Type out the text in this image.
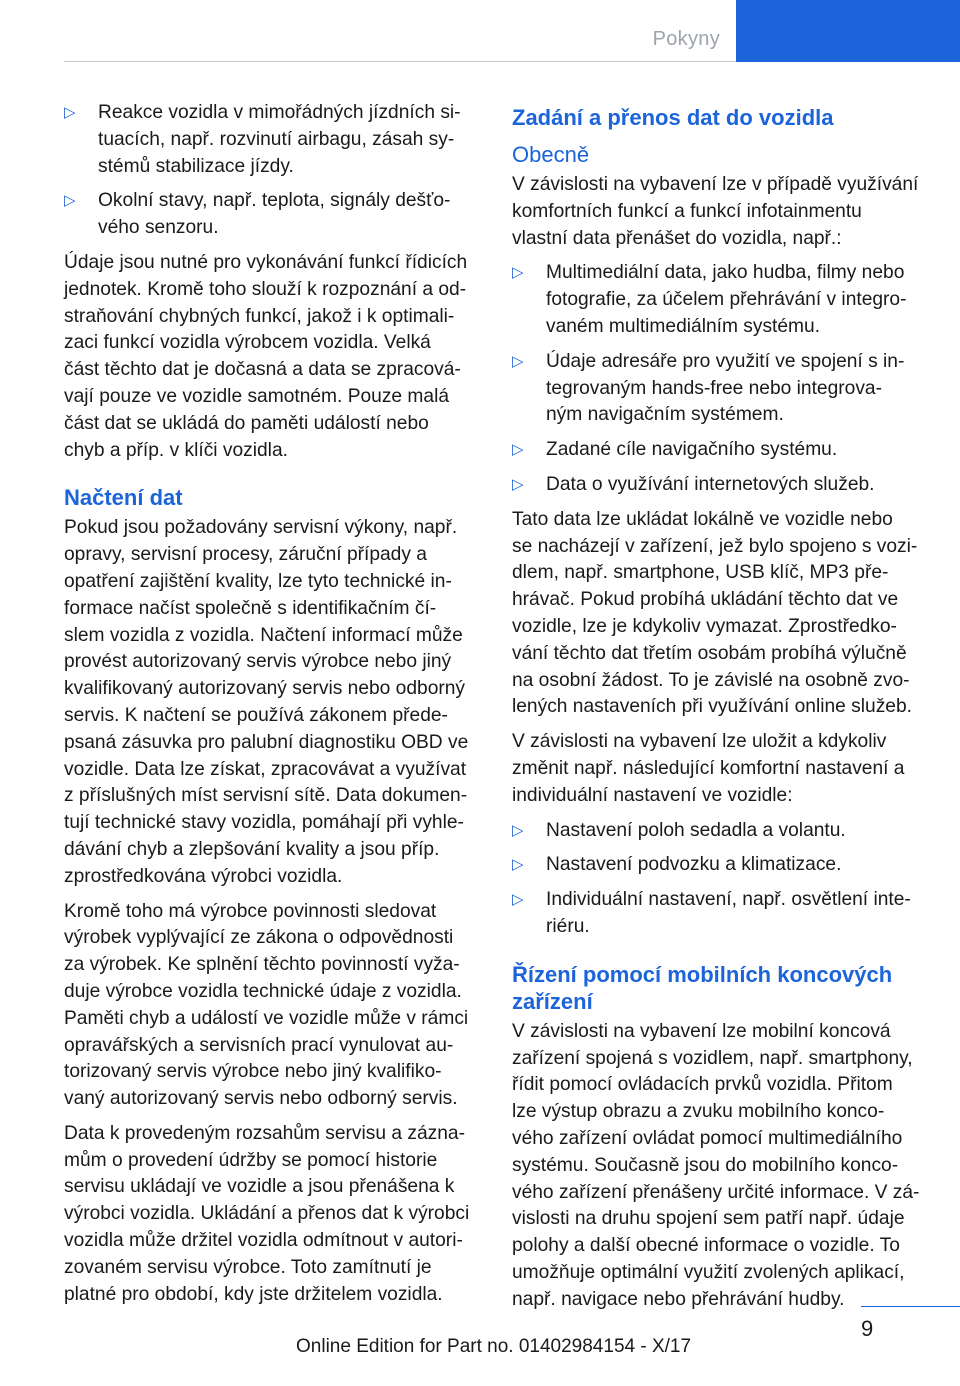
Pokyny
▷ Reakce vozidla v mimořádných jízdních si-
tuacích, např. rozvinutí airbagu, zásah sy-
stémů stabilizace jízdy.
▷ Okolní stavy, např. teplota, signály dešťo-
vého senzoru.

Údaje jsou nutné pro vykonávání funkcí řídicích
jednotek. Kromě toho slouží k rozpoznání a od-
straňování chybných funkcí, jakož i k optimali-
zaci funkcí vozidla výrobcem vozidla. Velká
část těchto dat je dočasná a data se zpracová-
vají pouze ve vozidle samotném. Pouze malá
část dat se ukládá do paměti událostí nebo
chyb a příp. v klíči vozidla.

Načtení dat

Pokud jsou požadovány servisní výkony, např.
opravy, servisní procesy, záruční případy a
opatření zajištění kvality, lze tyto technické in-
formace načíst společně s identifikačním čí-
slem vozidla z vozidla. Načtení informací může
provést autorizovaný servis výrobce nebo jiný
kvalifikovaný autorizovaný servis nebo odborný
servis. K načtení se používá zákonem přede-
psaná zásuvka pro palubní diagnostiku OBD ve
vozidle. Data lze získat, zpracovávat a využívat
z příslušných míst servisní sítě. Data dokumen-
tují technické stavy vozidla, pomáhají při vyhle-
dávání chyb a zlepšování kvality a jsou příp.
zprostředkována výrobci vozidla.

Kromě toho má výrobce povinnosti sledovat
výrobek vyplývající ze zákona o odpovědnosti
za výrobek. Ke splnění těchto povinností vyža-
duje výrobce vozidla technické údaje z vozidla.
Paměti chyb a událostí ve vozidle může v rámci
opravářských a servisních prací vynulovat au-
torizovaný servis výrobce nebo jiný kvalifiko-
vaný autorizovaný servis nebo odborný servis.

Data k provedeným rozsahům servisu a zázna-
mům o provedení údržby se pomocí historie
servisu ukládají ve vozidle a jsou přenášena k
výrobci vozidla. Ukládání a přenos dat k výrobci
vozidla může držitel vozidla odmítnout v autori-
zovaném servisu výrobce. Toto zamítnutí je
platné pro období, kdy jste držitelem vozidla.

Zadání a přenos dat do vozidla
Obecně

V závislosti na vybavení lze v případě využívání
komfortních funkcí a funkcí infotainmentu
vlastní data přenášet do vozidla, např.:

▷ Multimediální data, jako hudba, filmy nebo
fotografie, za účelem přehrávání v integro-
vaném multimediálním systému.
▷ Údaje adresáře pro využití ve spojení s in-
tegrovaným hands-free nebo integrova-
ným navigačním systémem.
▷ Zadané cíle navigačního systému.
▷ Data o využívání internetových služeb.

Tato data lze ukládat lokálně ve vozidle nebo
se nacházejí v zařízení, jež bylo spojeno s vozi-
dlem, např. smartphone, USB klíč, MP3 pře-
hrávač. Pokud probíhá ukládání těchto dat ve
vozidle, lze je kdykoliv vymazat. Zprostředko-
vání těchto dat třetím osobám probíhá výlučně
na osobní žádost. To je závislé na osobně zvo-
lených nastaveních při využívání online služeb.

V závislosti na vybavení lze uložit a kdykoliv
změnit např. následující komfortní nastavení a
individuální nastavení ve vozidle:

▷ Nastavení poloh sedadla a volantu.
▷ Nastavení podvozku a klimatizace.
▷ Individuální nastavení, např. osvětlení inte-
riéru.
Řízení pomocí mobilních koncových
zařízení

V závislosti na vybavení lze mobilní koncová
zařízení spojená s vozidlem, např. smartphony,
řídit pomocí ovládacích prvků vozidla. Přitom
lze výstup obrazu a zvuku mobilního konco-
vého zařízení ovládat pomocí multimediálního
systému. Současně jsou do mobilního konco-
vého zařízení přenášeny určité informace. V zá-
vislosti na druhu spojení sem patří např. údaje
polohy a další obecné informace o vozidle. To
umožňuje optimální využití zvolených aplikací,
např. navigace nebo přehrávání hudby.

9
Online Edition for Part no. 01402984154 - X/17
